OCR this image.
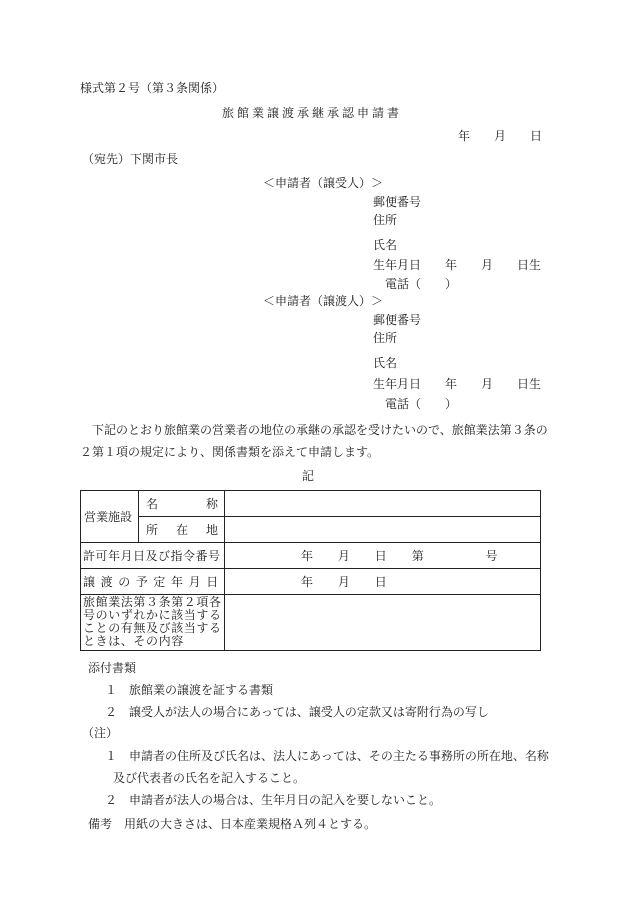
様式第２号（第３条関係）
旅館業譲渡承継承認申請書
年　　月　　日
（宛先）下関市長
＜申請者（譲受人）＞
郵便番号
住所
氏名
生年月日　　年　　月　　日生
電話（　　）
＜申請者（譲渡人）＞
郵便番号
住所
氏名
生年月日　　年　　月　　日生
電話（　　）
下記のとおり旅館業の営業者の地位の承継の承認を受けたいので、旅館業法第３条の
２第１項の規定により、関係書類を添えて申請します。
記
営業施設	名称	
	所在地	
許可年月日及び指令番号		年　　月　　日　　第　　　　　号
譲渡の予定年月日		年　　月　　日

旅館業法第３条第２項各
号のいずれかに該当する
ことの有無及び該当する
ときは、その内容		

添付書類
１　旅館業の譲渡を証する書類
２　譲受人が法人の場合にあっては、譲受人の定款又は寄附行為の写し
（注）
１　申請者の住所及び氏名は、法人にあっては、その主たる事務所の所在地、名称
及び代表者の氏名を記入すること。
２　申請者が法人の場合は、生年月日の記入を要しないこと。
備考　用紙の大きさは、日本産業規格Ａ列４とする。
